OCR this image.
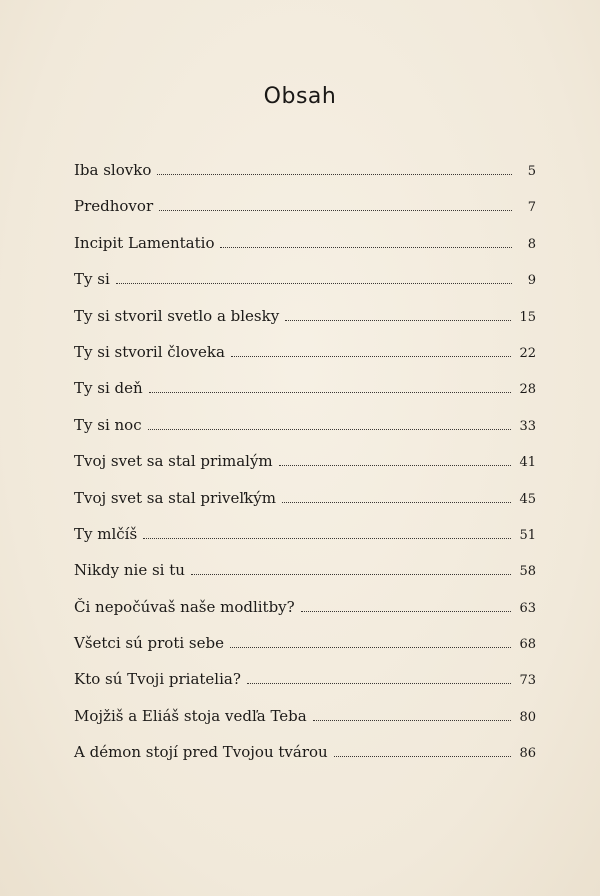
Obsah
Iba slovko	5
Predhovor	7
Incipit Lamentatio	8
Ty si	9
Ty si stvoril svetlo a blesky	15
Ty si stvoril človeka	22
Ty si deň	28
Ty si noc	33
Tvoj svet sa stal primalým	41
Tvoj svet sa stal priveľkým	45
Ty mlčíš	51
Nikdy nie si tu	58
Či nepočúvaš naše modlitby?	63
Všetci sú proti sebe	68
Kto sú Tvoji priatelia?	73
Mojžiš a Eliáš stoja vedľa Teba	80
A démon stojí pred Tvojou tvárou	86
